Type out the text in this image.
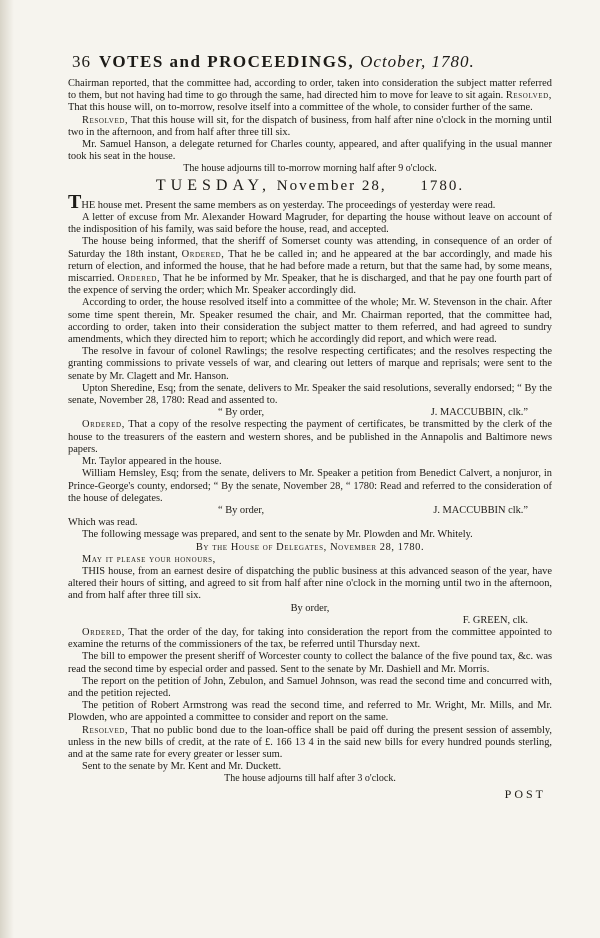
36 VOTES and PROCEEDINGS, October, 1780.

Chairman reported, that the committee had, according to order, taken into consideration the subject matter referred to them, but not having had time to go through the same, had directed him to move for leave to sit again. Resolved, That this house will, on to-morrow, resolve itself into a committee of the whole, to consider further of the same.

Resolved, That this house will sit, for the dispatch of business, from half after nine o'clock in the morning until two in the afternoon, and from half after three till six.

Mr. Samuel Hanson, a delegate returned for Charles county, appeared, and after qualifying in the usual manner took his seat in the house.

The house adjourns till to-morrow morning half after 9 o'clock.

TUESDAY, November 28, 1780.

THE house met. Present the same members as on yesterday. The proceedings of yesterday were read.

A letter of excuse from Mr. Alexander Howard Magruder, for departing the house without leave on account of the indisposition of his family, was said before the house, read, and accepted.

The house being informed, that the sheriff of Somerset county was attending, in consequence of an order of Saturday the 18th instant, Ordered, That he be called in; and he appeared at the bar accordingly, and made his return of election, and informed the house, that he had before made a return, but that the same had, by some means, miscarried. Ordered, That he be informed by Mr. Speaker, that he is discharged, and that he pay one fourth part of the expence of serving the order; which Mr. Speaker accordingly did.

According to order, the house resolved itself into a committee of the whole; Mr. W. Stevenson in the chair. After some time spent therein, Mr. Speaker resumed the chair, and Mr. Chairman reported, that the committee had, according to order, taken into their consideration the subject matter to them referred, and had agreed to sundry amendments, which they directed him to report; which he accordingly did report, and which were read.

The resolve in favour of colonel Rawlings; the resolve respecting certificates; and the resolves respecting the granting commissions to private vessels of war, and clearing out letters of marque and reprisals; were sent to the senate by Mr. Clagett and Mr. Hanson.

Upton Sheredine, Esq; from the senate, delivers to Mr. Speaker the said resolutions, severally endorsed; “ By the senate, November 28, 1780: Read and assented to.

“ By order,	J. MACCUBBIN, clk.”

Ordered, That a copy of the resolve respecting the payment of certificates, be transmitted by the clerk of the house to the treasurers of the eastern and western shores, and be published in the Annapolis and Baltimore news papers.

Mr. Taylor appeared in the house.

William Hemsley, Esq; from the senate, delivers to Mr. Speaker a petition from Benedict Calvert, a nonjuror, in Prince-George's county, endorsed; “ By the senate, November 28, “ 1780: Read and referred to the consideration of the house of delegates.

“ By order,	J. MACCUBBIN clk.”

Which was read.

The following message was prepared, and sent to the senate by Mr. Plowden and Mr. Whitely.

By the House of Delegates, November 28, 1780.

May it please your honours,

THIS house, from an earnest desire of dispatching the public business at this advanced season of the year, have altered their hours of sitting, and agreed to sit from half after nine o'clock in the morning until two in the afternoon, and from half after three till six.

By order,

F. GREEN, clk.

Ordered, That the order of the day, for taking into consideration the report from the committee appointed to examine the returns of the commissioners of the tax, be referred until Thursday next.

The bill to empower the present sheriff of Worcester county to collect the balance of the five pound tax, &c. was read the second time by especial order and passed. Sent to the senate by Mr. Dashiell and Mr. Morris.

The report on the petition of John, Zebulon, and Samuel Johnson, was read the second time and concurred with, and the petition rejected.

The petition of Robert Armstrong was read the second time, and referred to Mr. Wright, Mr. Mills, and Mr. Plowden, who are appointed a committee to consider and report on the same.

Resolved, That no public bond due to the loan-office shall be paid off during the present session of assembly, unless in the new bills of credit, at the rate of £. 166 13 4 in the said new bills for every hundred pounds sterling, and at the same rate for every greater or lesser sum.

Sent to the senate by Mr. Kent and Mr. Duckett.

The house adjourns till half after 3 o'clock.

POST
